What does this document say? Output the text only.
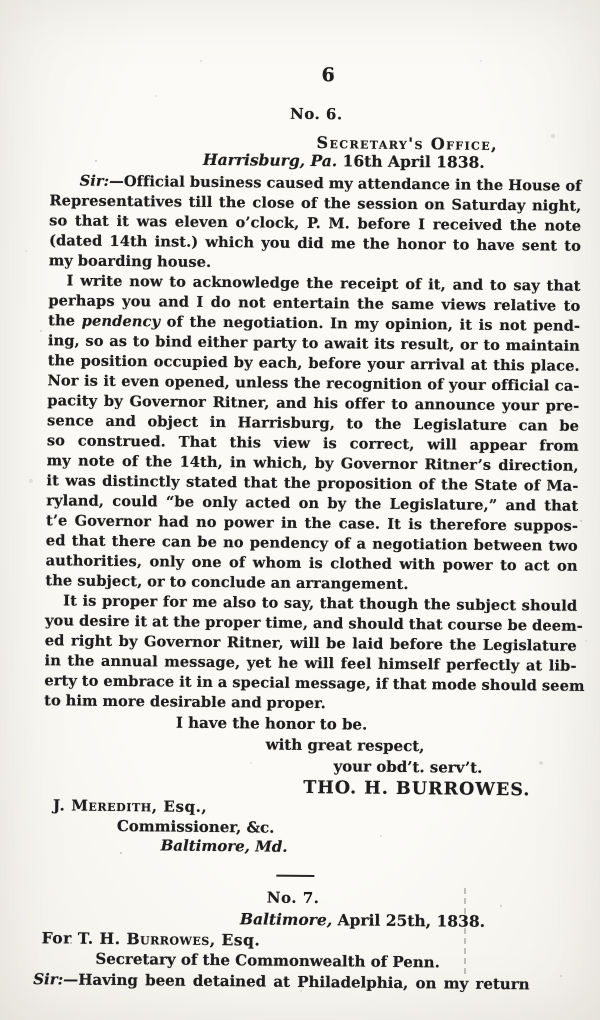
6
No. 6.
Secretary's Office,
Harrisburg, Pa. 16th April 1838.
Sir:—Official business caused my attendance in the House of
Representatives till the close of the session on Saturday night,
so that it was eleven o’clock, P. M. before I received the note
(dated 14th inst.) which you did me the honor to have sent to
my boarding house.
I write now to acknowledge the receipt of it, and to say that
perhaps you and I do not entertain the same views relative to
the pendency of the negotiation. In my opinion, it is not pend-
ing, so as to bind either party to await its result, or to maintain
the position occupied by each, before your arrival at this place.
Nor is it even opened, unless the recognition of your official ca-
pacity by Governor Ritner, and his offer to announce your pre-
sence and object in Harrisburg, to the Legislature can be
so construed. That this view is correct, will appear from
my note of the 14th, in which, by Governor Ritner’s direction,
it was distinctly stated that the proposition of the State of Ma-
ryland, could “be only acted on by the Legislature,” and that
t’e Governor had no power in the case. It is therefore suppos-
ed that there can be no pendency of a negotiation between two
authorities, only one of whom is clothed with power to act on
the subject, or to conclude an arrangement.
It is proper for me also to say, that though the subject should
you desire it at the proper time, and should that course be deem-
ed right by Governor Ritner, will be laid before the Legislature
in the annual message, yet he will feel himself perfectly at lib-
erty to embrace it in a special message, if that mode should seem
to him more desirable and proper.
I have the honor to be.
with great respect,
your obd’t. serv’t.
THO. H. BURROWES.
J. Meredith, Esq.,
Commissioner, &c.
Baltimore, Md.
No. 7.
Baltimore, April 25th, 1838.
For T. H. Burrowes, Esq.
Secretary of the Commonwealth of Penn.
Sir:—Having been detained at Philadelphia, on my return
